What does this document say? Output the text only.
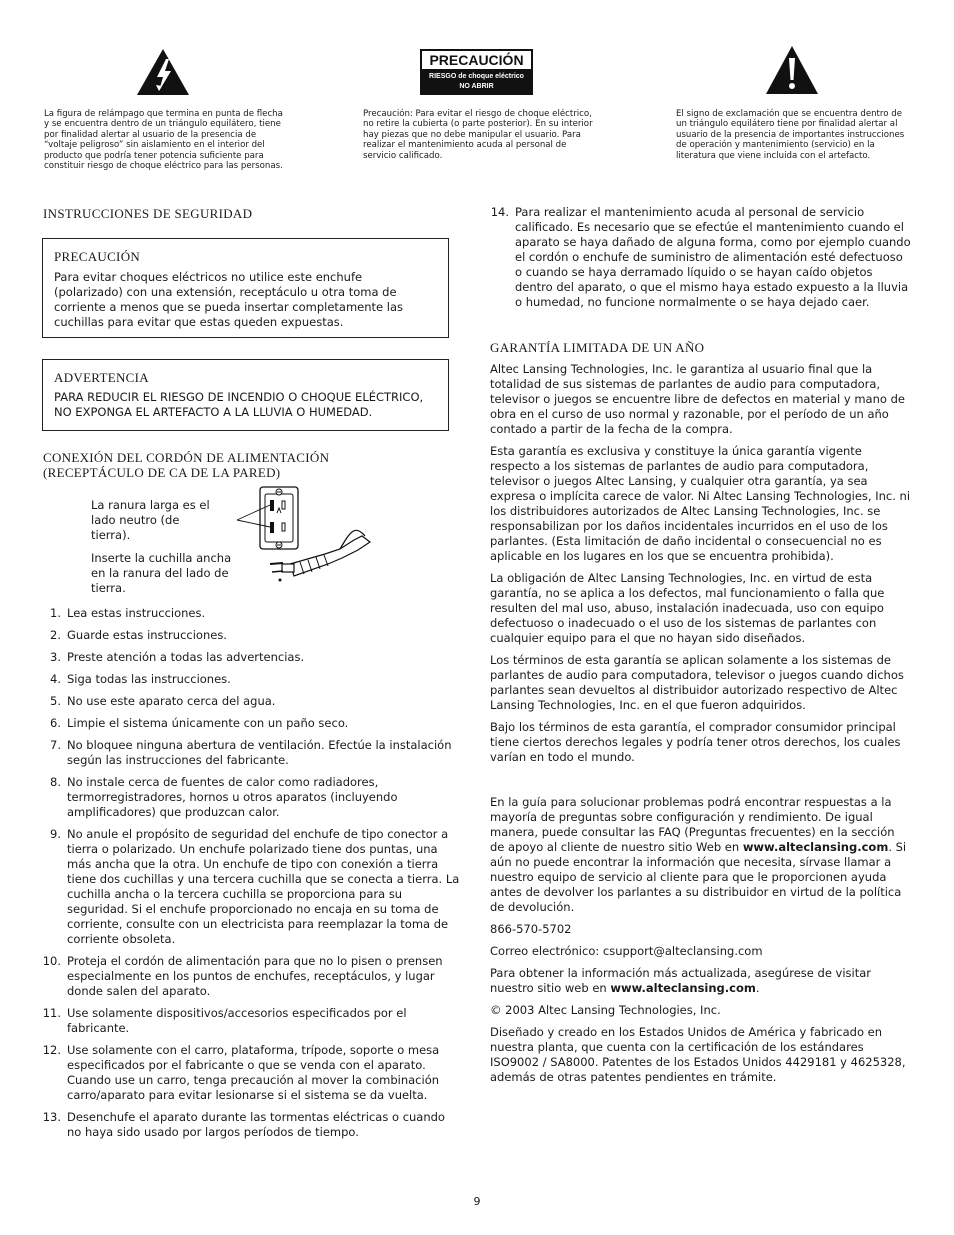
La figura de relámpago que termina en punta de flecha y se encuentra dentro de un triángulo equilátero, tiene por finalidad alertar al usuario de la presencia de “voltaje peligroso” sin aislamiento en el interior del producto que podría tener potencia suficiente para constituir riesgo de choque eléctrico para las personas.
PRECAUCIÓN
RIESGO de choque eléctrico
NO ABRIR
Precaución: Para evitar el riesgo de choque eléctrico, no retire la cubierta (o parte posterior). En su interior hay piezas que no debe manipular el usuario. Para realizar el mantenimiento acuda al personal de servicio calificado.
El signo de exclamación que se encuentra dentro de un triángulo equilátero tiene por finalidad alertar al usuario de la presencia de importantes instrucciones de operación y mantenimiento (servicio) en la literatura que viene incluida con el artefacto.
INSTRUCCIONES DE SEGURIDAD
PRECAUCIÓN
Para evitar choques eléctricos no utilice este enchufe (polarizado) con una extensión, receptáculo u otra toma de corriente a menos que se pueda insertar completamente las cuchillas para evitar que estas queden expuestas.
ADVERTENCIA
PARA REDUCIR EL RIESGO DE INCENDIO O CHOQUE ELÉCTRICO, NO EXPONGA EL ARTEFACTO A LA LLUVIA O HUMEDAD.
CONEXIÓN DEL CORDÓN DE ALIMENTACIÓN
(RECEPTÁCULO DE CA DE LA PARED)
La ranura larga es el lado neutro (de tierra).
Inserte la cuchilla ancha en la ranura del lado de tierra.
1. Lea estas instrucciones.
2. Guarde estas instrucciones.
3. Preste atención a todas las advertencias.
4. Siga todas las instrucciones.
5. No use este aparato cerca del agua.
6. Limpie el sistema únicamente con un paño seco.
7. No bloquee ninguna abertura de ventilación. Efectúe la instalación según las instrucciones del fabricante.
8. No instale cerca de fuentes de calor como radiadores, termorregistradores, hornos u otros aparatos (incluyendo amplificadores) que produzcan calor.
9. No anule el propósito de seguridad del enchufe de tipo conector a tierra o polarizado. Un enchufe polarizado tiene dos puntas, una más ancha que la otra. Un enchufe de tipo con conexión a tierra tiene dos cuchillas y una tercera cuchilla que se conecta a tierra. La cuchilla ancha o la tercera cuchilla se proporciona para su seguridad. Si el enchufe proporcionado no encaja en su toma de corriente, consulte con un electricista para reemplazar la toma de corriente obsoleta.
10. Proteja el cordón de alimentación para que no lo pisen o prensen especialmente en los puntos de enchufes, receptáculos, y lugar donde salen del aparato.
11. Use solamente dispositivos/accesorios especificados por el fabricante.
12. Use solamente con el carro, plataforma, trípode, soporte o mesa especificados por el fabricante o que se venda con el aparato. Cuando use un carro, tenga precaución al mover la combinación carro/aparato para evitar lesionarse si el sistema se da vuelta.
13. Desenchufe el aparato durante las tormentas eléctricas o cuando no haya sido usado por largos períodos de tiempo.
14. Para realizar el mantenimiento acuda al personal de servicio calificado. Es necesario que se efectúe el mantenimiento cuando el aparato se haya dañado de alguna forma, como por ejemplo cuando el cordón o enchufe de suministro de alimentación esté defectuoso o cuando se haya derramado líquido o se hayan caído objetos dentro del aparato, o que el mismo haya estado expuesto a la lluvia o humedad, no funcione normalmente o se haya dejado caer.
GARANTÍA LIMITADA DE UN AÑO

Altec Lansing Technologies, Inc. le garantiza al usuario final que la totalidad de sus sistemas de parlantes de audio para computadora, televisor o juegos se encuentre libre de defectos en material y mano de obra en el curso de uso normal y razonable, por el período de un año contado a partir de la fecha de la compra.

Esta garantía es exclusiva y constituye la única garantía vigente respecto a los sistemas de parlantes de audio para computadora, televisor o juegos Altec Lansing, y cualquier otra garantía, ya sea expresa o implícita carece de valor. Ni Altec Lansing Technologies, Inc. ni los distribuidores autorizados de Altec Lansing Technologies, Inc. se responsabilizan por los daños incidentales incurridos en el uso de los parlantes. (Esta limitación de daño incidental o consecuencial no es aplicable en los lugares en los que se encuentra prohibida).

La obligación de Altec Lansing Technologies, Inc. en virtud de esta garantía, no se aplica a los defectos, mal funcionamiento o falla que resulten del mal uso, abuso, instalación inadecuada, uso con equipo defectuoso o inadecuado o el uso de los sistemas de parlantes con cualquier equipo para el que no hayan sido diseñados.

Los términos de esta garantía se aplican solamente a los sistemas de parlantes de audio para computadora, televisor o juegos cuando dichos parlantes sean devueltos al distribuidor autorizado respectivo de Altec Lansing Technologies, Inc. en el que fueron adquiridos.

Bajo los términos de esta garantía, el comprador consumidor principal tiene ciertos derechos legales y podría tener otros derechos, los cuales varían en todo el mundo.

En la guía para solucionar problemas podrá encontrar respuestas a la mayoría de preguntas sobre configuración y rendimiento. De igual manera, puede consultar las FAQ (Preguntas frecuentes) en la sección de apoyo al cliente de nuestro sitio Web en www.alteclansing.com. Si aún no puede encontrar la información que necesita, sírvase llamar a nuestro equipo de servicio al cliente para que le proporcionen ayuda antes de devolver los parlantes a su distribuidor en virtud de la política de devolución.

866-570-5702

Correo electrónico: csupport@alteclansing.com

Para obtener la información más actualizada, asegúrese de visitar nuestro sitio web en www.alteclansing.com.

© 2003 Altec Lansing Technologies, Inc.

Diseñado y creado en los Estados Unidos de América y fabricado en nuestra planta, que cuenta con la certificación de los estándares ISO9002 / SA8000. Patentes de los Estados Unidos 4429181 y 4625328, además de otras patentes pendientes en trámite.

9
